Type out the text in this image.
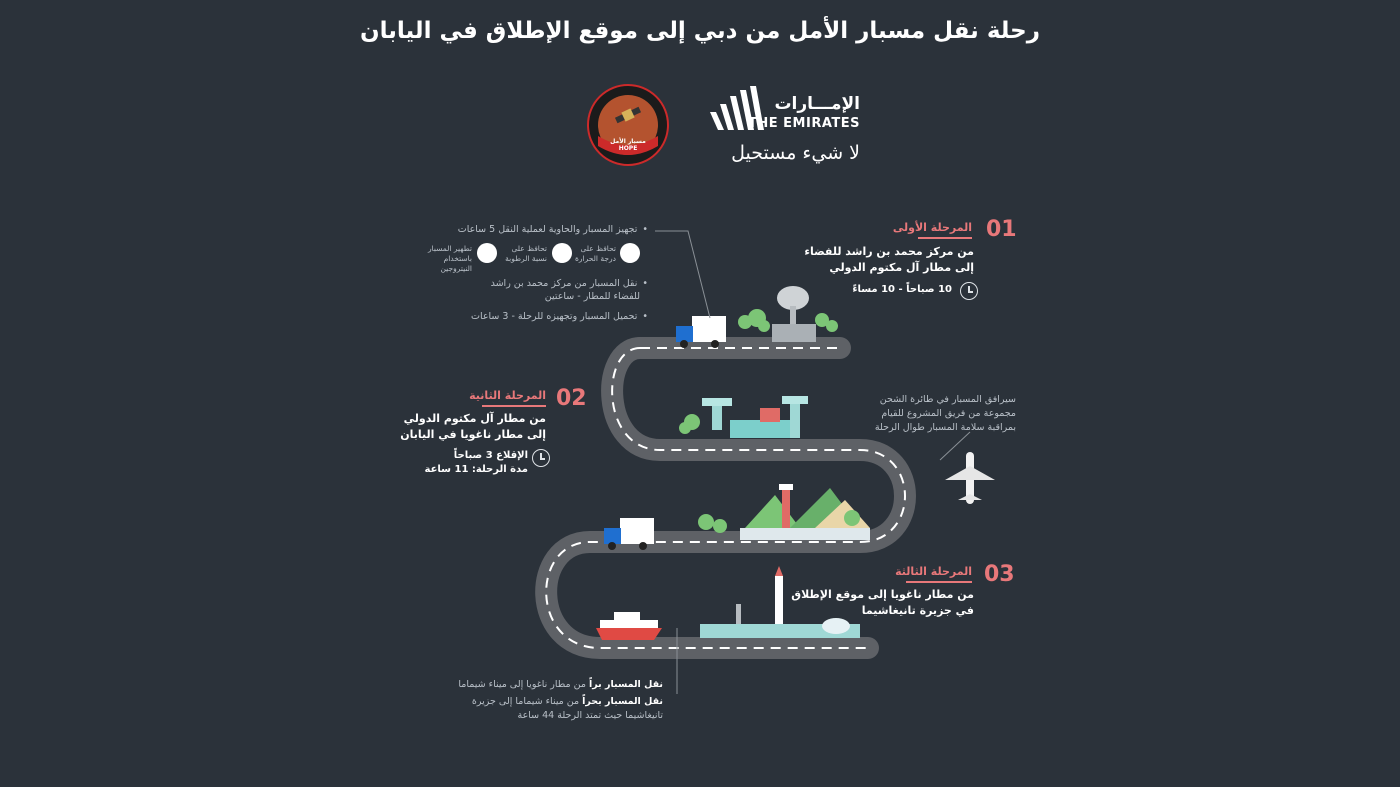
رحلة نقل مسبار الأمل من دبي إلى موقع الإطلاق في اليابان
مسبار الأمل HOPE
الإمـــارات
THE EMIRATES
لا شيء مستحيل
01
المرحلة الأولى
من مركز محمد بن راشد للفضاء
إلى مطار آل مكتوم الدولي
10 صباحاً - 10 مساءً
• تجهيز المسبار والحاوية لعملية النقل 5 ساعات
• نقل المسبار من مركز محمد بن راشد
للفضاء للمطار - ساعتين
• تحميل المسبار وتجهيزه للرحلة - 3 ساعات
تحافظ على درجة الحرارة
تحافظ على نسبة الرطوبة
تطهير المسبار باستخدام النيتروجين
02
المرحلة الثانية
من مطار آل مكتوم الدولي
إلى مطار ناغويا في اليابان
الإقلاع 3 صباحاً
مدة الرحلة: 11 ساعة
سيرافق المسبار في طائرة الشحن
مجموعة من فريق المشروع للقيام
بمراقبة سلامة المسبار طوال الرحلة
03
المرحلة الثالثة
من مطار ناغويا إلى موقع الإطلاق
في جزيرة تانيغاشيما
نقل المسبار براً من مطار ناغويا إلى ميناء شيماما
نقل المسبار بحراً من ميناء شيماما إلى جزيرة
تانيغاشيما حيث تمتد الرحلة 44 ساعة
